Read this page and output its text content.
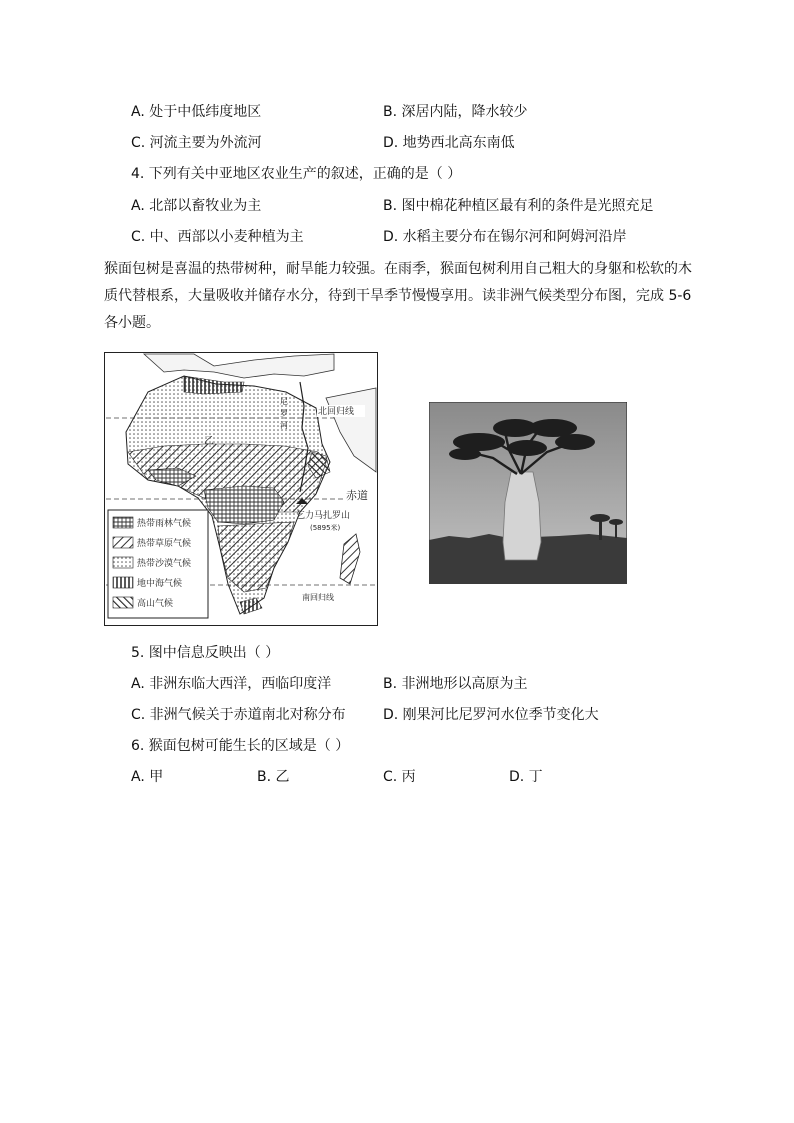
A. 处于中低纬度地区	B. 深居内陆，降水较少
C. 河流主要为外流河	D. 地势西北高东南低
4. 下列有关中亚地区农业生产的叙述，正确的是（ ）
A. 北部以畜牧业为主	B. 图中棉花种植区最有利的条件是光照充足
C. 中、西部以小麦种植为主	D. 水稻主要分布在锡尔河和阿姆河沿岸
猴面包树是喜温的热带树种，耐旱能力较强。在雨季，猴面包树利用自己粗大的身躯和松软的木质代替根系，大量吸收并储存水分，待到干旱季节慢慢享用。读非洲气候类型分布图，完成 5-6 各小题。
乙
尼
罗
河
北回归线
赤道
乞力马扎罗山
(5895米)
南回归线
热带雨林气候
热带草原气候
热带沙漠气候
地中海气候
高山气候
5. 图中信息反映出（ ）
A. 非洲东临大西洋，西临印度洋	B. 非洲地形以高原为主
C. 非洲气候关于赤道南北对称分布	D. 刚果河比尼罗河水位季节变化大
6. 猴面包树可能生长的区域是（ ）
A. 甲	B. 乙	C. 丙	D. 丁
